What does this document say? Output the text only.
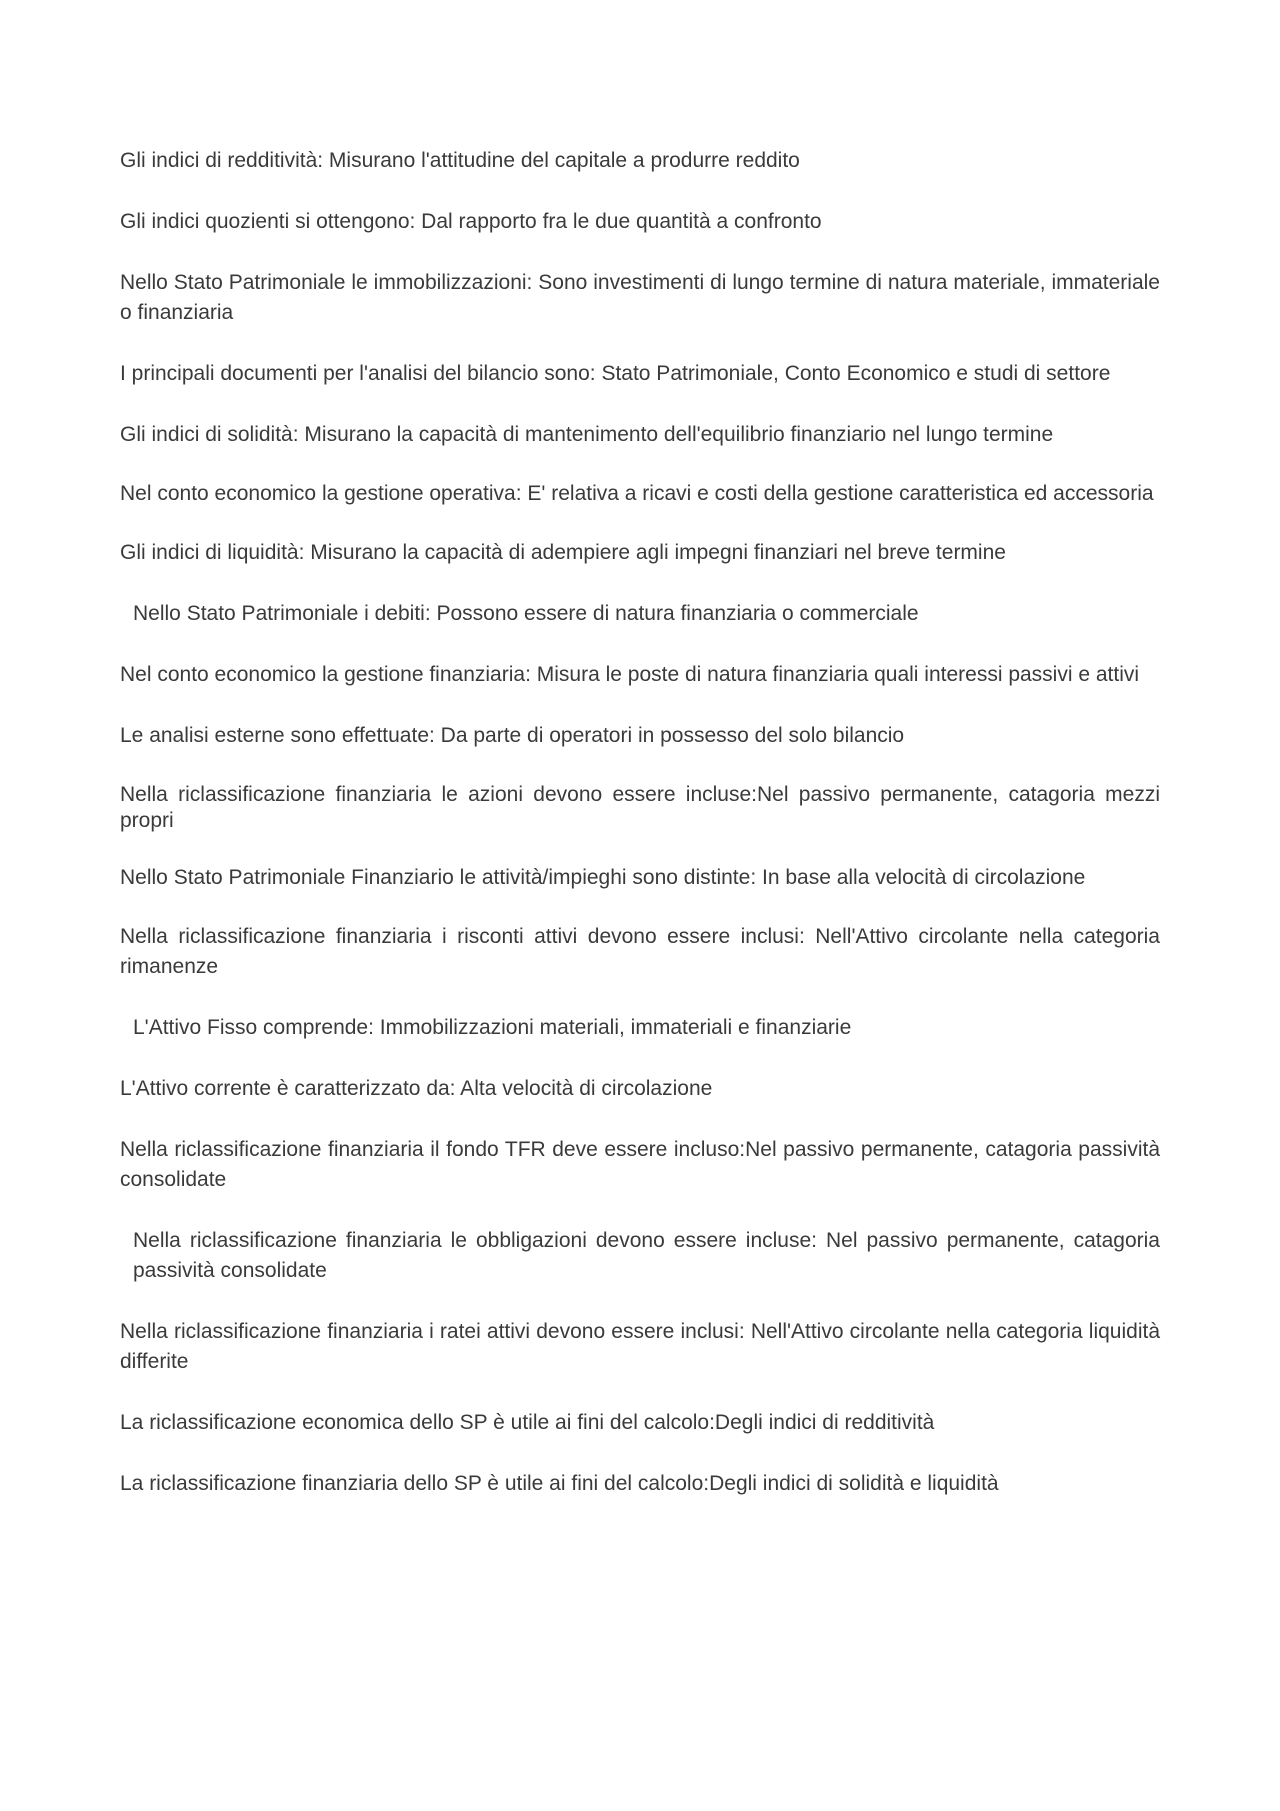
Gli indici di redditività: Misurano l'attitudine del capitale a produrre reddito

Gli indici quozienti si ottengono: Dal rapporto fra le due quantità a confronto

Nello Stato Patrimoniale le immobilizzazioni: Sono investimenti di lungo termine di natura materiale, immateriale o finanziaria

I principali documenti per l'analisi del bilancio sono: Stato Patrimoniale, Conto Economico e studi di settore

Gli indici di solidità: Misurano la capacità di mantenimento dell'equilibrio finanziario nel lungo termine

Nel conto economico la gestione operativa: E' relativa a ricavi e costi della gestione caratteristica ed accessoria

Gli indici di liquidità: Misurano la capacità di adempiere agli impegni finanziari nel breve termine

Nello Stato Patrimoniale i debiti: Possono essere di natura finanziaria o commerciale

Nel conto economico la gestione finanziaria: Misura le poste di natura finanziaria quali interessi passivi e attivi

Le analisi esterne sono effettuate: Da parte di operatori in possesso del solo bilancio

Nella riclassificazione finanziaria le azioni devono essere incluse:Nel passivo permanente, catagoria mezzi propri

Nello Stato Patrimoniale Finanziario le attività/impieghi sono distinte: In base alla velocità di circolazione

Nella riclassificazione finanziaria i risconti attivi devono essere inclusi: Nell'Attivo circolante nella categoria rimanenze

L'Attivo Fisso comprende: Immobilizzazioni materiali, immateriali e finanziarie

L'Attivo corrente è caratterizzato da: Alta velocità di circolazione

Nella riclassificazione finanziaria il fondo TFR deve essere incluso:Nel passivo permanente, catagoria passività consolidate

Nella riclassificazione finanziaria le obbligazioni devono essere incluse: Nel passivo permanente, catagoria passività consolidate

Nella riclassificazione finanziaria i ratei attivi devono essere inclusi: Nell'Attivo circolante nella categoria liquidità differite

La riclassificazione economica dello SP è utile ai fini del calcolo:Degli indici di redditività

La riclassificazione finanziaria dello SP è utile ai fini del calcolo:Degli indici di solidità e liquidità
